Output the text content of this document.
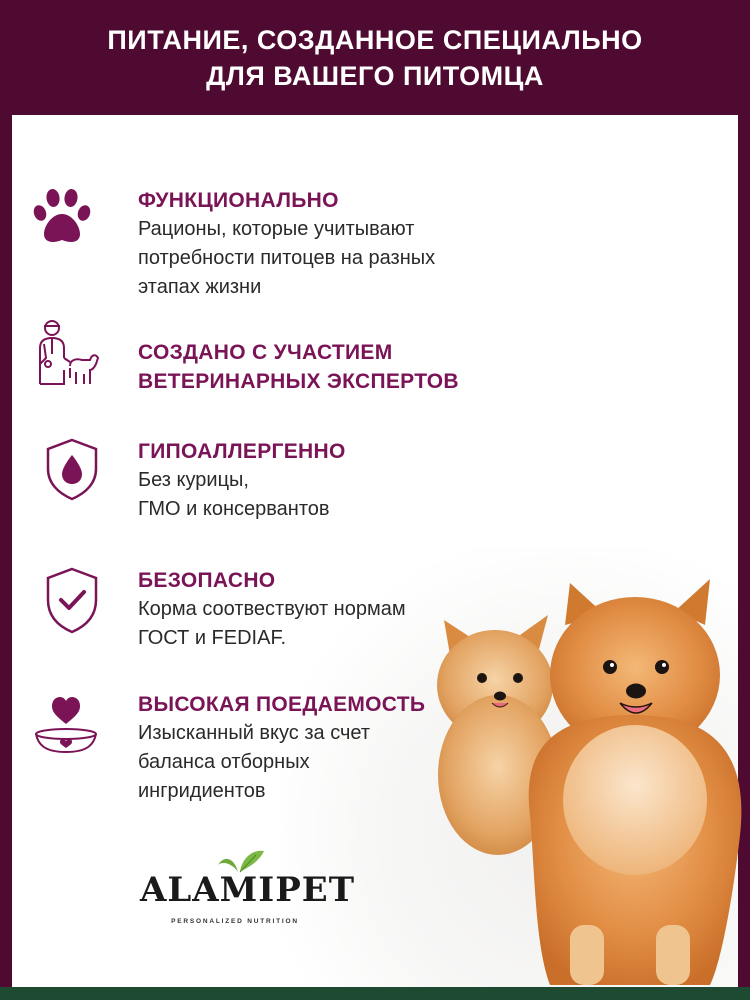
ПИТАНИЕ, СОЗДАННОЕ СПЕЦИАЛЬНО
ДЛЯ ВАШЕГО ПИТОМЦА
ФУНКЦИОНАЛЬНО
Рационы, которые учитывают
потребности питоцев на разных
этапах жизни
СОЗДАНО С УЧАСТИЕМ
ВЕТЕРИНАРНЫХ ЭКСПЕРТОВ
ГИПОАЛЛЕРГЕННО
Без курицы,
ГМО и консервантов
БЕЗОПАСНО
Корма соотвествуют нормам
ГОСТ и FEDIAF.
ВЫСОКАЯ ПОЕДАЕМОСТЬ
Изысканный вкус за счет
баланса отборных
ингридиентов
ALAMIPET
PERSONALIZED NUTRITION
